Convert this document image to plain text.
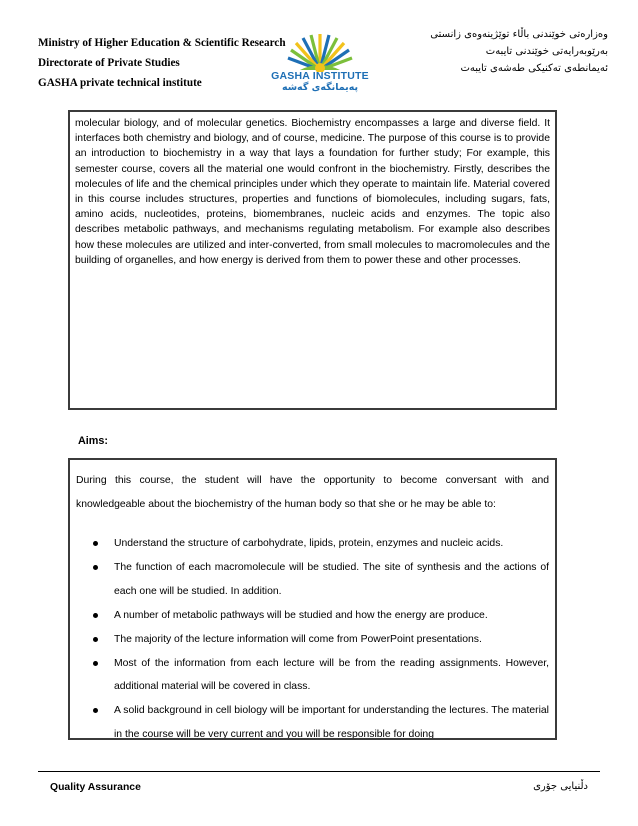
Ministry of Higher Education & Scientific Research
Directorate of Private Studies
GASHA private technical institute
GASHA INSTITUTE
پەیمانگەی گەشە
وەزارەتی خوێندنی باڵاء توێژینەوەی زانستی
بەرێوبەرایەتی خوێندنی تایبەت
ئەیمانطەی تەکنیکی طەشەی تایبەت

molecular biology, and of molecular genetics. Biochemistry encompasses a large and diverse field. It interfaces both chemistry and biology, and of course, medicine. The purpose of this course is to provide an introduction to biochemistry in a way that lays a foundation for further study; For example, this semester course, covers all the material one would confront in the biochemistry. Firstly, describes the molecules of life and the chemical principles under which they operate to maintain life. Material covered in this course includes structures, properties and functions of biomolecules, including sugars, fats, amino acids, nucleotides, proteins, biomembranes, nucleic acids and enzymes. The topic also describes metabolic pathways, and mechanisms regulating metabolism. For example also describes how these molecules are utilized and inter-converted, from small molecules to macromolecules and the building of organelles, and how energy is derived from them to power these and other processes.

Aims:

During this course, the student will have the opportunity to become conversant with and knowledgeable about the biochemistry of the human body so that she or he may be able to:

Understand the structure of carbohydrate, lipids, protein, enzymes and nucleic acids.
The function of each macromolecule will be studied. The site of synthesis and the actions of each one will be studied. In addition.
A number of metabolic pathways will be studied and how the energy are produce.
The majority of the lecture information will come from PowerPoint presentations.
Most of the information from each lecture will be from the reading assignments. However, additional material will be covered in class.
A solid background in cell biology will be important for understanding the lectures. The material in the course will be very current and you will be responsible for doing
Quality Assurance	دڵنیایی جۆری
